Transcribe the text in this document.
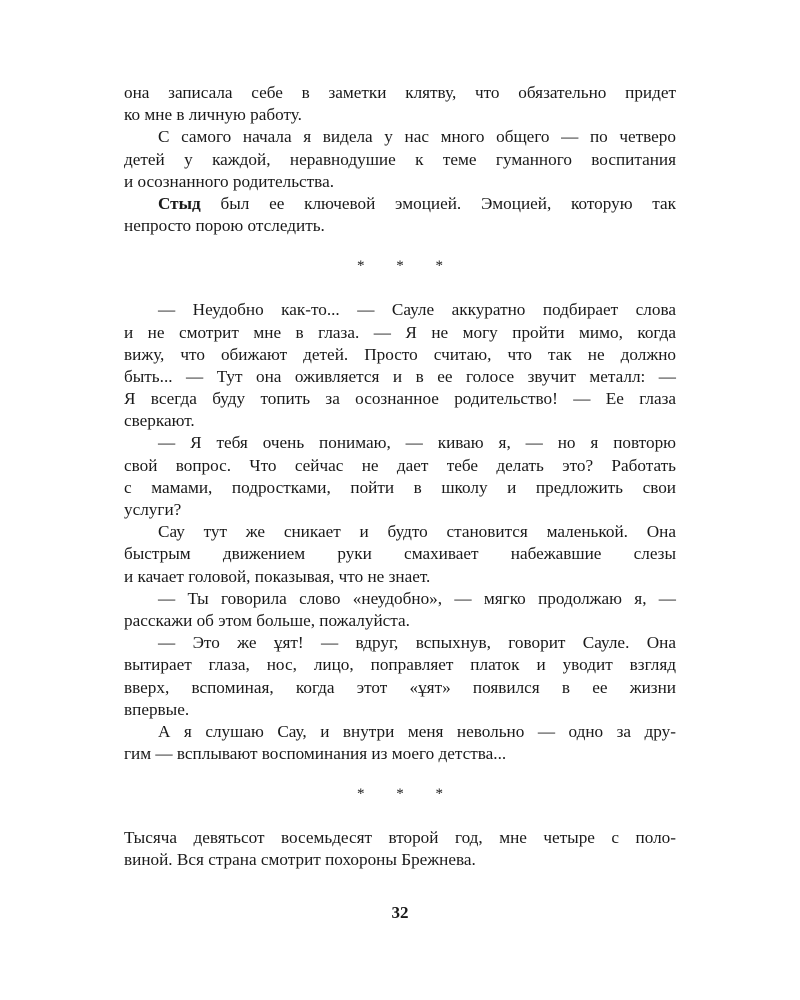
она записала себе в заметки клятву, что обязательно придет
ко мне в личную работу.
С самого начала я видела у нас много общего — по четверо
детей у каждой, неравнодушие к теме гуманного воспитания
и осознанного родительства.
Стыд был ее ключевой эмоцией. Эмоцией, которую так
непросто порою отследить.
* * *
— Неудобно как-то... — Сауле аккуратно подбирает слова
и не смотрит мне в глаза. — Я не могу пройти мимо, когда
вижу, что обижают детей. Просто считаю, что так не должно
быть... — Тут она оживляется и в ее голосе звучит металл: —
Я всегда буду топить за осознанное родительство! — Ее глаза
сверкают.
— Я тебя очень понимаю, — киваю я, — но я повторю
свой вопрос. Что сейчас не дает тебе делать это? Работать
с мамами, подростками, пойти в школу и предложить свои
услуги?
Сау тут же сникает и будто становится маленькой. Она
быстрым движением руки смахивает набежавшие слезы
и качает головой, показывая, что не знает.
— Ты говорила слово «неудобно», — мягко продолжаю я, —
расскажи об этом больше, пожалуйста.
— Это же ұят! — вдруг, вспыхнув, говорит Сауле. Она
вытирает глаза, нос, лицо, поправляет платок и уводит взгляд
вверх, вспоминая, когда этот «ұят» появился в ее жизни
впервые.
А я слушаю Сау, и внутри меня невольно — одно за дру-
гим — всплывают воспоминания из моего детства...
* * *
Тысяча девятьсот восемьдесят второй год, мне четыре с поло-
виной. Вся страна смотрит похороны Брежнева.
32
